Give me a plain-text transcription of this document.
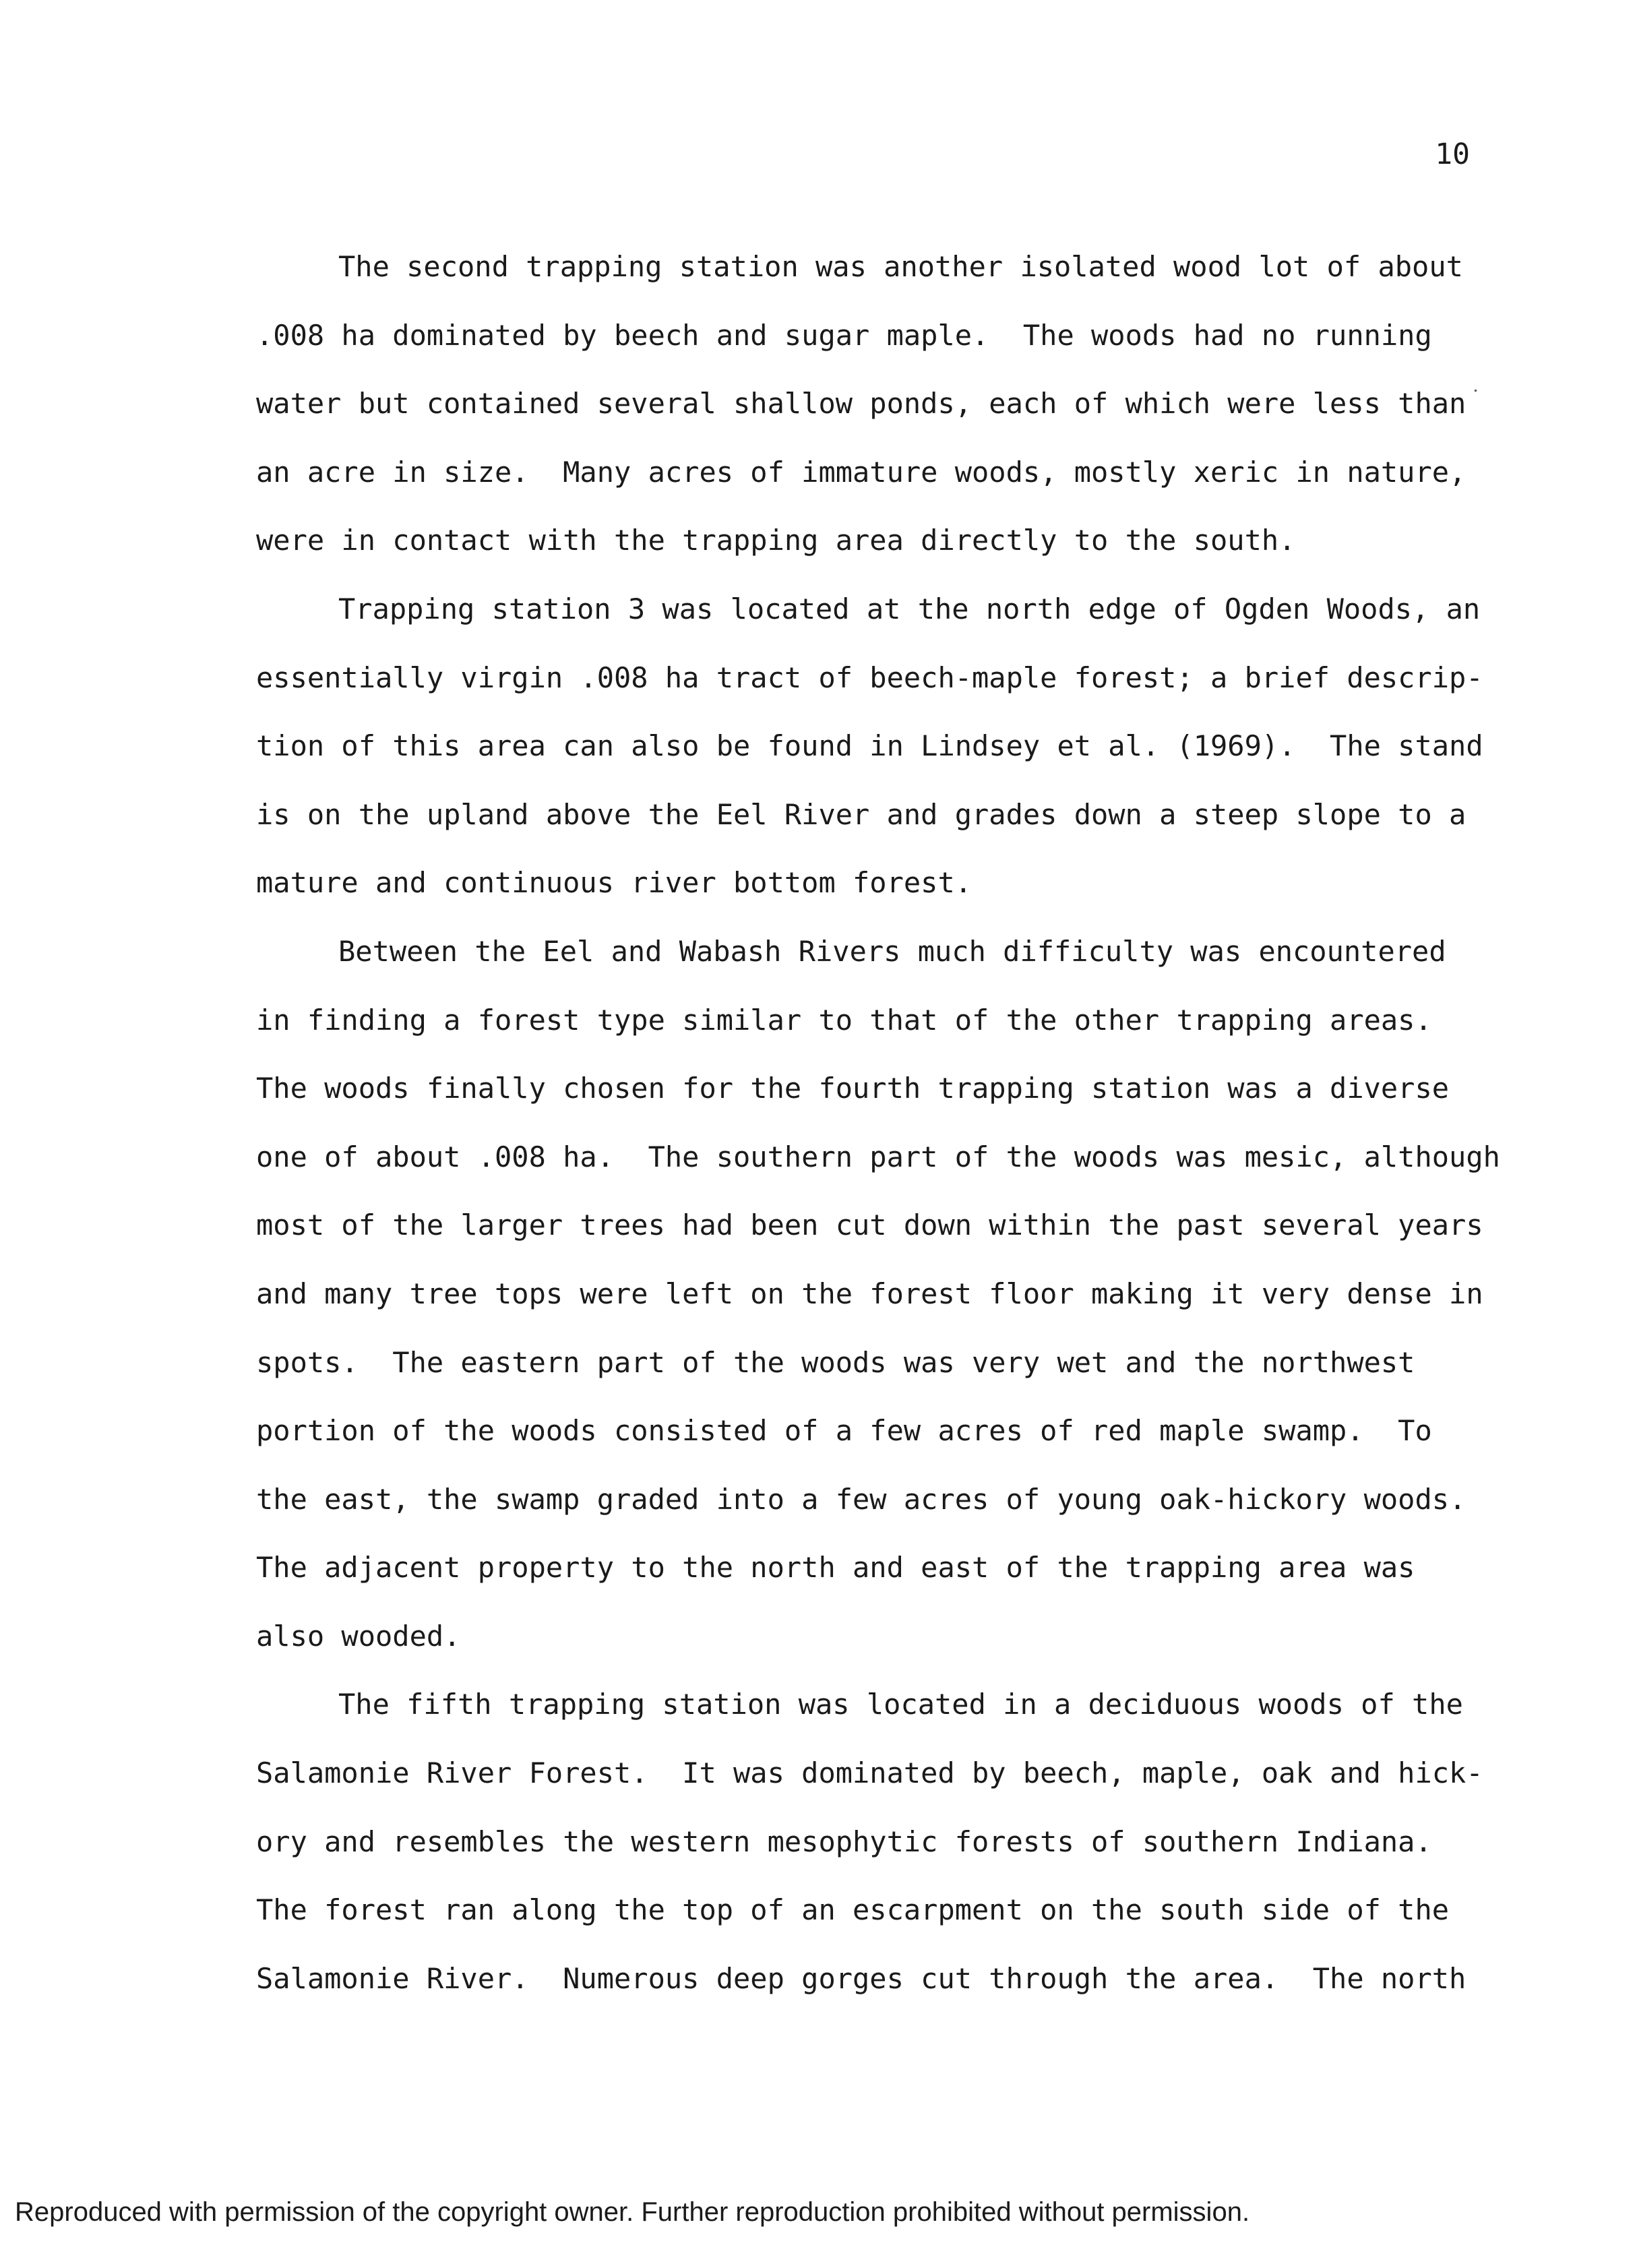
10
The second trapping station was another isolated wood lot of about
.008 ha dominated by beech and sugar maple.  The woods had no running
water but contained several shallow ponds, each of which were less than
an acre in size.  Many acres of immature woods, mostly xeric in nature,
were in contact with the trapping area directly to the south.
Trapping station 3 was located at the north edge of Ogden Woods, an
essentially virgin .008 ha tract of beech-maple forest; a brief descrip-
tion of this area can also be found in Lindsey et al. (1969).  The stand
is on the upland above the Eel River and grades down a steep slope to a
mature and continuous river bottom forest.
Between the Eel and Wabash Rivers much difficulty was encountered
in finding a forest type similar to that of the other trapping areas.
The woods finally chosen for the fourth trapping station was a diverse
one of about .008 ha.  The southern part of the woods was mesic, although
most of the larger trees had been cut down within the past several years
and many tree tops were left on the forest floor making it very dense in
spots.  The eastern part of the woods was very wet and the northwest
portion of the woods consisted of a few acres of red maple swamp.  To
the east, the swamp graded into a few acres of young oak-hickory woods.
The adjacent property to the north and east of the trapping area was
also wooded.
The fifth trapping station was located in a deciduous woods of the
Salamonie River Forest.  It was dominated by beech, maple, oak and hick-
ory and resembles the western mesophytic forests of southern Indiana.
The forest ran along the top of an escarpment on the south side of the
Salamonie River.  Numerous deep gorges cut through the area.  The north
Reproduced with permission of the copyright owner. Further reproduction prohibited without permission.
